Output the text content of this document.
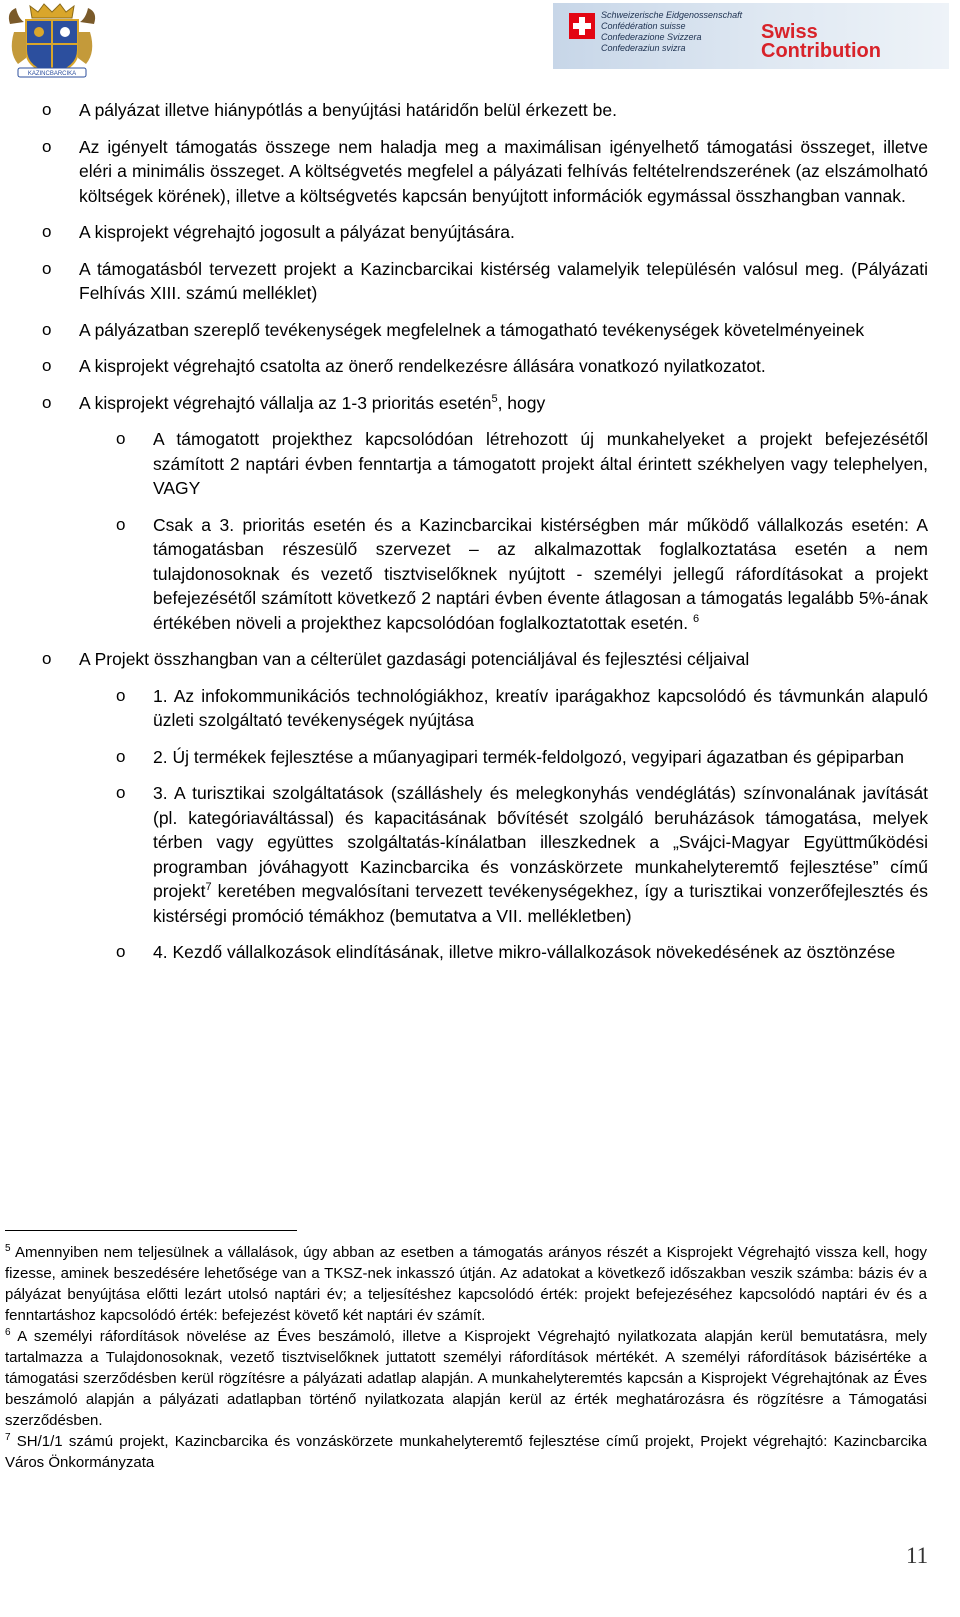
KAZINCBARCIKA
Schweizerische Eidgenossenschaft
Confédération suisse
Confederazione Svizzera
Confederaziun svizra
Swiss
Contribution
o A pályázat illetve hiánypótlás a benyújtási határidőn belül érkezett be.
o Az igényelt támogatás összege nem haladja meg a maximálisan igényelhető támogatási összeget, illetve eléri a minimális összeget. A költségvetés megfelel a pályázati felhívás feltételrendszerének (az elszámolható költségek körének), illetve a költségvetés kapcsán benyújtott információk egymással összhangban vannak.
o A kisprojekt végrehajtó jogosult a pályázat benyújtására.
o A támogatásból tervezett projekt a Kazincbarcikai kistérség valamelyik településén valósul meg. (Pályázati Felhívás XIII. számú melléklet)
o A pályázatban szereplő tevékenységek megfelelnek a támogatható tevékenységek követelményeinek
o A kisprojekt végrehajtó csatolta az önerő rendelkezésre állására vonatkozó nyilatkozatot.
o A kisprojekt végrehajtó vállalja az 1-3 prioritás esetén$^5$, hogy
o A támogatott projekthez kapcsolódóan létrehozott új munkahelyeket a projekt befejezésétől számított 2 naptári évben fenntartja a támogatott projekt által érintett székhelyen vagy telephelyen, VAGY
o Csak a 3. prioritás esetén és a Kazincbarcikai kistérségben már működő vállalkozás esetén: A támogatásban részesülő szervezet – az alkalmazottak foglalkoztatása esetén a nem tulajdonosoknak és vezető tisztviselőknek nyújtott - személyi jellegű ráfordításokat a projekt befejezésétől számított következő 2 naptári évben évente átlagosan a támogatás legalább 5%-ának értékében növeli a projekthez kapcsolódóan foglalkoztatottak esetén. $^6$
o A Projekt összhangban van a célterület gazdasági potenciáljával és fejlesztési céljaival
o 1. Az infokommunikációs technológiákhoz, kreatív iparágakhoz kapcsolódó és távmunkán alapuló üzleti szolgáltató tevékenységek nyújtása
o 2. Új termékek fejlesztése a műanyagipari termék-feldolgozó, vegyipari ágazatban és gépiparban
o 3. A turisztikai szolgáltatások (szálláshely és melegkonyhás vendéglátás) színvonalának javítását (pl. kategóriaváltással) és kapacitásának bővítését szolgáló beruházások támogatása, melyek térben vagy együttes szolgáltatás-kínálatban illeszkednek a „Svájci-Magyar Együttműködési programban jóváhagyott Kazincbarcika és vonzáskörzete munkahelyteremtő fejlesztése” című projekt$^7$ keretében megvalósítani tervezett tevékenységekhez, így a turisztikai vonzerőfejlesztés és kistérségi promóció témákhoz (bemutatva a VII. mellékletben)
o 4. Kezdő vállalkozások elindításának, illetve mikro-vállalkozások növekedésének az ösztönzése
$^5$ Amennyiben nem teljesülnek a vállalások, úgy abban az esetben a támogatás arányos részét a Kisprojekt Végrehajtó vissza kell, hogy fizesse, aminek beszedésére lehetősége van a TKSZ-nek inkasszó útján. Az adatokat a következő időszakban veszik számba: bázis év a pályázat benyújtása előtti lezárt utolsó naptári év; a teljesítéshez kapcsolódó érték: projekt befejezéséhez kapcsolódó naptári év és a fenntartáshoz kapcsolódó érték: befejezést követő két naptári év számít.
$^6$ A személyi ráfordítások növelése az Éves beszámoló, illetve a Kisprojekt Végrehajtó nyilatkozata alapján kerül bemutatásra, mely tartalmazza a Tulajdonosoknak, vezető tisztviselőknek juttatott személyi ráfordítások mértékét. A személyi ráfordítások bázisértéke a támogatási szerződésben kerül rögzítésre a pályázati adatlap alapján. A munkahelyteremtés kapcsán a Kisprojekt Végrehajtónak az Éves beszámoló alapján a pályázati adatlapban történő nyilatkozata alapján kerül az érték meghatározásra és rögzítésre a Támogatási szerződésben.
$^7$ SH/1/1 számú projekt, Kazincbarcika és vonzáskörzete munkahelyteremtő fejlesztése című projekt, Projekt végrehajtó: Kazincbarcika Város Önkormányzata
11
